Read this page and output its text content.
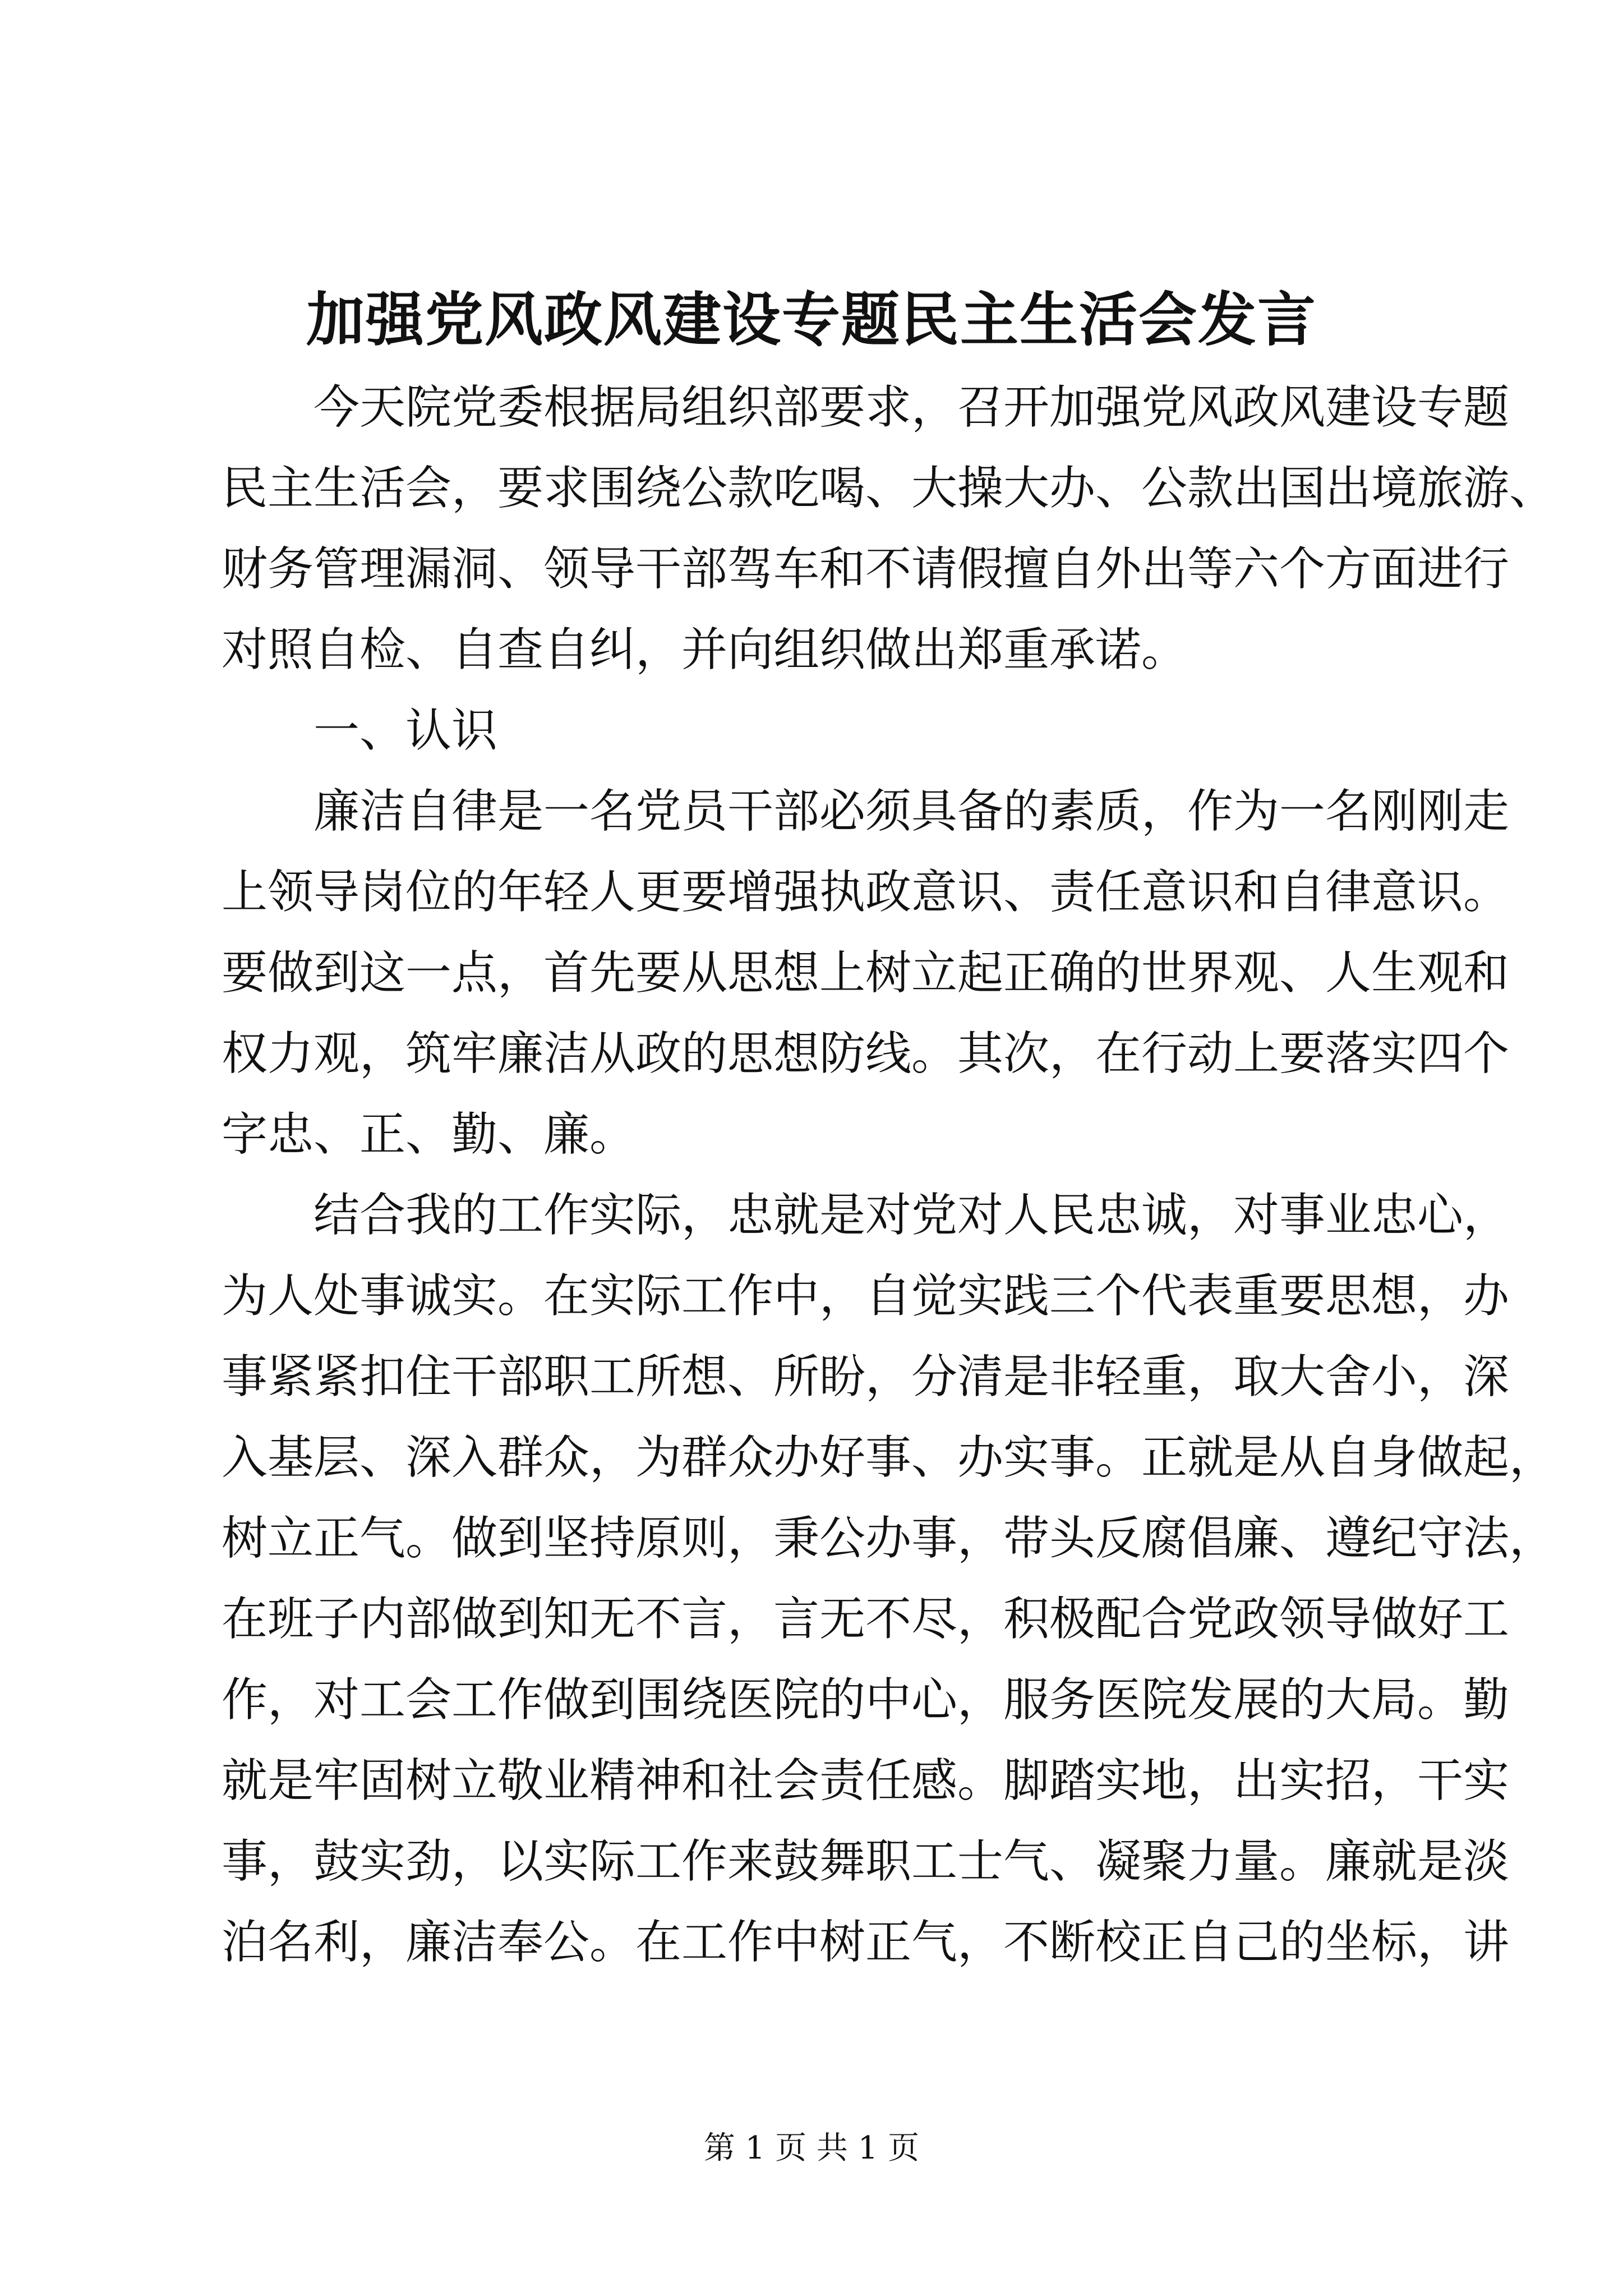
加强党风政风建设专题民主生活会发言
今天院党委根据局组织部要求，召开加强党风政风建设专题
民主生活会，要求围绕公款吃喝、大操大办、公款出国出境旅游、
财务管理漏洞、领导干部驾车和不请假擅自外出等六个方面进行
对照自检、自查自纠，并向组织做出郑重承诺。
一、认识
廉洁自律是一名党员干部必须具备的素质，作为一名刚刚走
上领导岗位的年轻人更要增强执政意识、责任意识和自律意识。
要做到这一点，首先要从思想上树立起正确的世界观、人生观和
权力观，筑牢廉洁从政的思想防线。其次，在行动上要落实四个
字忠、正、勤、廉。
结合我的工作实际，忠就是对党对人民忠诚，对事业忠心，
为人处事诚实。在实际工作中，自觉实践三个代表重要思想，办
事紧紧扣住干部职工所想、所盼，分清是非轻重，取大舍小，深
入基层、深入群众，为群众办好事、办实事。正就是从自身做起，
树立正气。做到坚持原则，秉公办事，带头反腐倡廉、遵纪守法，
在班子内部做到知无不言，言无不尽，积极配合党政领导做好工
作，对工会工作做到围绕医院的中心，服务医院发展的大局。勤
就是牢固树立敬业精神和社会责任感。脚踏实地，出实招，干实
事，鼓实劲，以实际工作来鼓舞职工士气、凝聚力量。廉就是淡
泊名利，廉洁奉公。在工作中树正气，不断校正自己的坐标，讲
第 1 页 共 1 页
